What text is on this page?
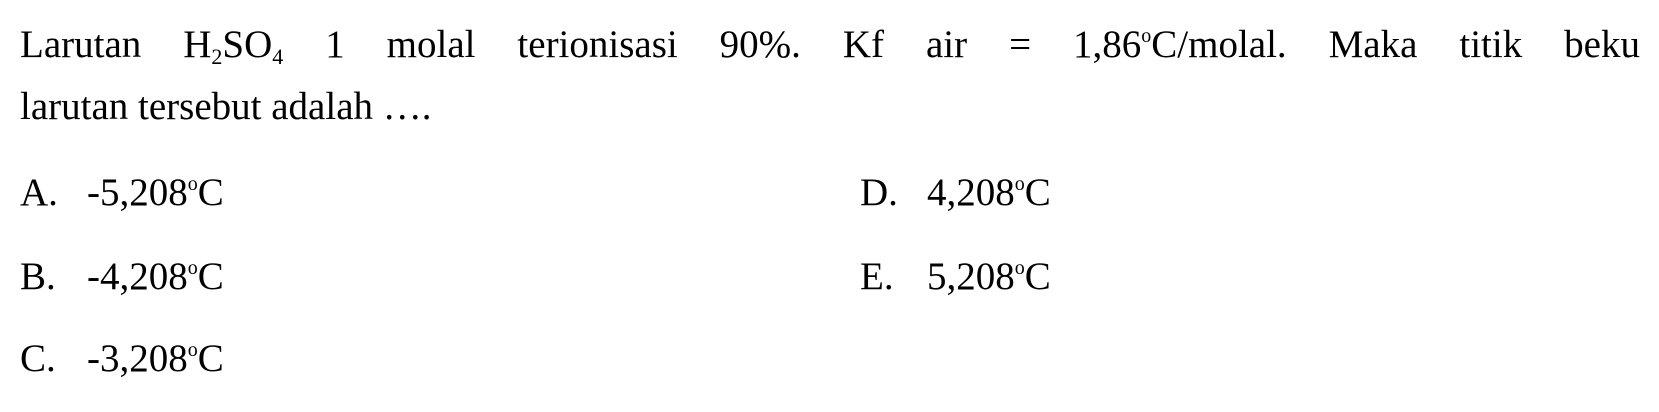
Larutan $H_2SO_4$ 1 molal terionisasi 90%. Kf air = $1,86^oC$/molal. Maka titik beku
larutan tersebut adalah ….
A. -5,208$^o$C
B. -4,208$^o$C
C. -3,208$^o$C
D. 4,208$^o$C
E. 5,208$^o$C
